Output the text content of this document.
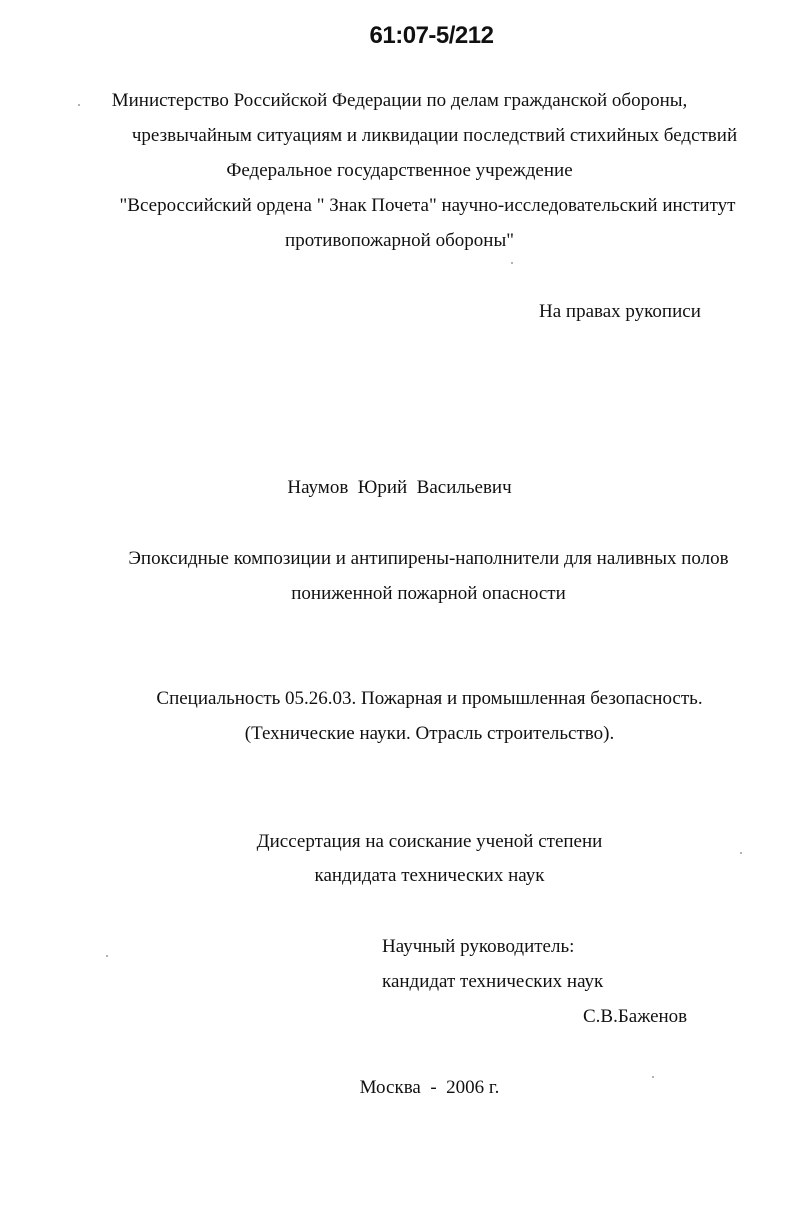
61:07-5/212
Министерство Российской Федерации по делам гражданской обороны,
чрезвычайным ситуациям и ликвидации последствий стихийных бедствий
Федеральное государственное учреждение
"Всероссийский ордена " Знак Почета" научно-исследовательский институт
противопожарной обороны"
На правах рукописи
Наумов  Юрий  Васильевич
Эпоксидные композиции и антипирены-наполнители для наливных полов
пониженной пожарной опасности
Специальность 05.26.03. Пожарная и промышленная безопасность.
(Технические науки. Отрасль строительство).
Диссертация на соискание ученой степени
кандидата технических наук
Научный руководитель:
кандидат технических наук
С.В.Баженов
Москва  -  2006 г.
